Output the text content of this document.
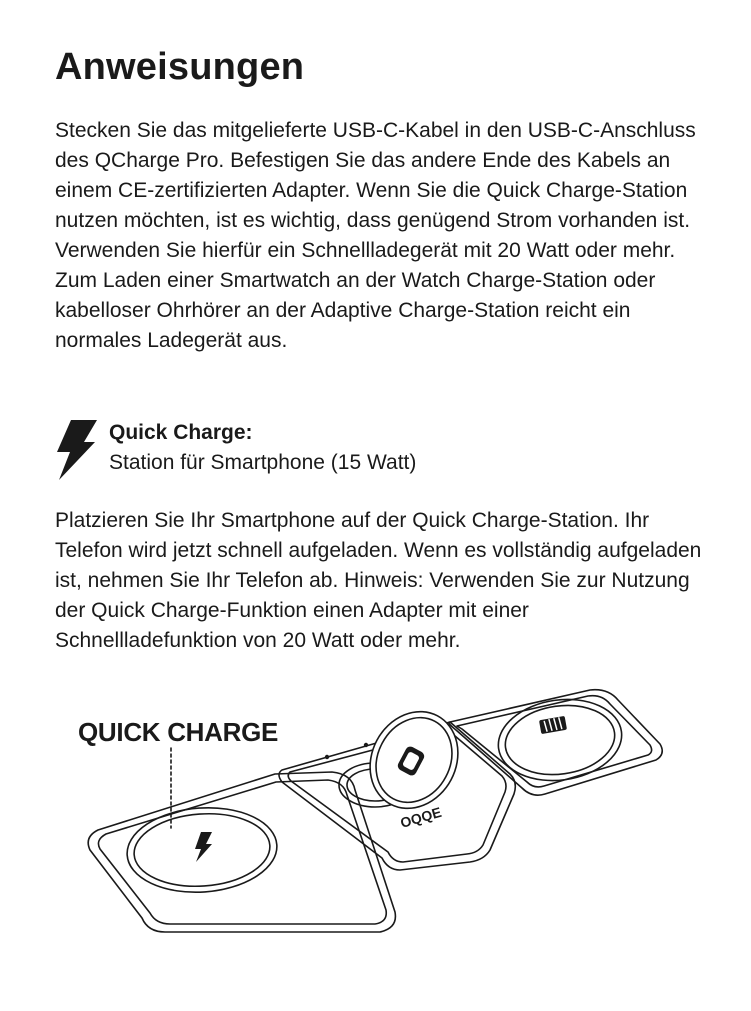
Anweisungen

Stecken Sie das mitgelieferte USB-C-Kabel in den USB-C-Anschluss des QCharge Pro. Befestigen Sie das andere Ende des Kabels an einem CE-zertifizierten Adapter. Wenn Sie die Quick Charge-Station nutzen möchten, ist es wichtig, dass genügend Strom vorhanden ist. Verwenden Sie hierfür ein Schnellladegerät mit 20 Watt oder mehr. Zum Laden einer Smartwatch an der Watch Charge-Station oder kabelloser Ohrhörer an der Adaptive Charge-Station reicht ein normales Ladegerät aus.

Quick Charge:

Station für Smartphone (15 Watt)

Platzieren Sie Ihr Smartphone auf der Quick Charge-Station. Ihr Telefon wird jetzt schnell aufgeladen. Wenn es vollständig aufgeladen ist, nehmen Sie Ihr Telefon ab. Hinweis: Verwenden Sie zur Nutzung der Quick Charge-Funktion einen Adapter mit einer Schnellladefunktion von 20 Watt oder mehr.

QUICK CHARGE

OQQE
